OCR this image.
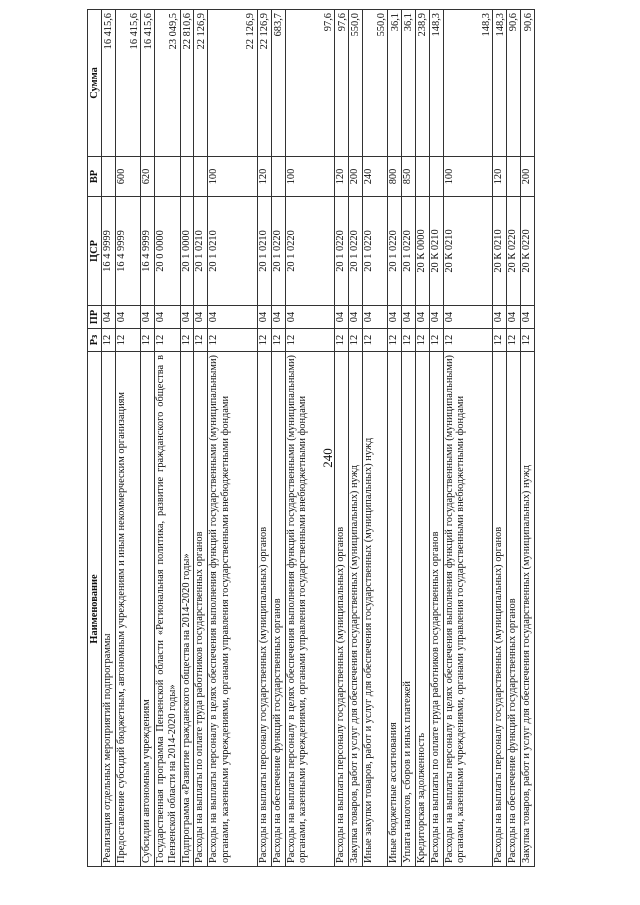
240
Наименование	Рз	ПР	ЦСР	ВР	Сумма
Реализация отдельных мероприятий подпрограммы	12	04	16 4 9999		16 415,6
Предоставление субсидий бюджетным, автономным учреждениям и иным некоммерческим организациям	12	04	16 4 9999	600	16 415,6
Субсидии автономным учреждениям	12	04	16 4 9999	620	16 415,6
Государственная программа Пензенской области «Региональная политика, развитие гражданского общества в Пензенской области на 2014-2020 годы»	12	04	20 0 0000		23 049,5
Подпрограмма «Развитие гражданского общества на 2014-2020 годы»	12	04	20 1 0000		22 810,6
Расходы на выплаты по оплате труда работников государственных органов	12	04	20 1 0210		22 126,9
Расходы на выплаты персоналу в целях обеспечения выполнения функций государственными (муниципальными) органами, казенными учреждениями, органами управления государственными внебюджетными фондами	12	04	20 1 0210	100	22 126,9
Расходы на выплаты персоналу государственных (муниципальных) органов	12	04	20 1 0210	120	22 126,9
Расходы на обеспечение функций государственных органов	12	04	20 1 0220		683,7
Расходы на выплаты персоналу в целях обеспечения выполнения функций государственными (муниципальными) органами, казенными учреждениями, органами управления государственными внебюджетными фондами	12	04	20 1 0220	100	97,6
Расходы на выплаты персоналу государственных (муниципальных) органов	12	04	20 1 0220	120	97,6
Закупка товаров, работ и услуг для обеспечения государственных (муниципальных) нужд	12	04	20 1 0220	200	550,0
Иные закупки товаров, работ и услуг для обеспечения государственных (муниципальных) нужд	12	04	20 1 0220	240	550,0
Иные бюджетные ассигнования	12	04	20 1 0220	800	36,1
Уплата налогов, сборов и иных платежей	12	04	20 1 0220	850	36,1
Кредиторская задолженность	12	04	20 К 0000		238,9
Расходы на выплаты по оплате труда работников государственных органов	12	04	20 К 0210		148,3
Расходы на выплаты персоналу в целях обеспечения выполнения функций государственными (муниципальными) органами, казенными учреждениями, органами управления государственными внебюджетными фондами	12	04	20 К 0210	100	148,3
Расходы на выплаты персоналу государственных (муниципальных) органов	12	04	20 К 0210	120	148,3
Расходы на обеспечение функций государственных органов	12	04	20 К 0220		90,6
Закупка товаров, работ и услуг для обеспечения государственных (муниципальных) нужд	12	04	20 К 0220	200	90,6
